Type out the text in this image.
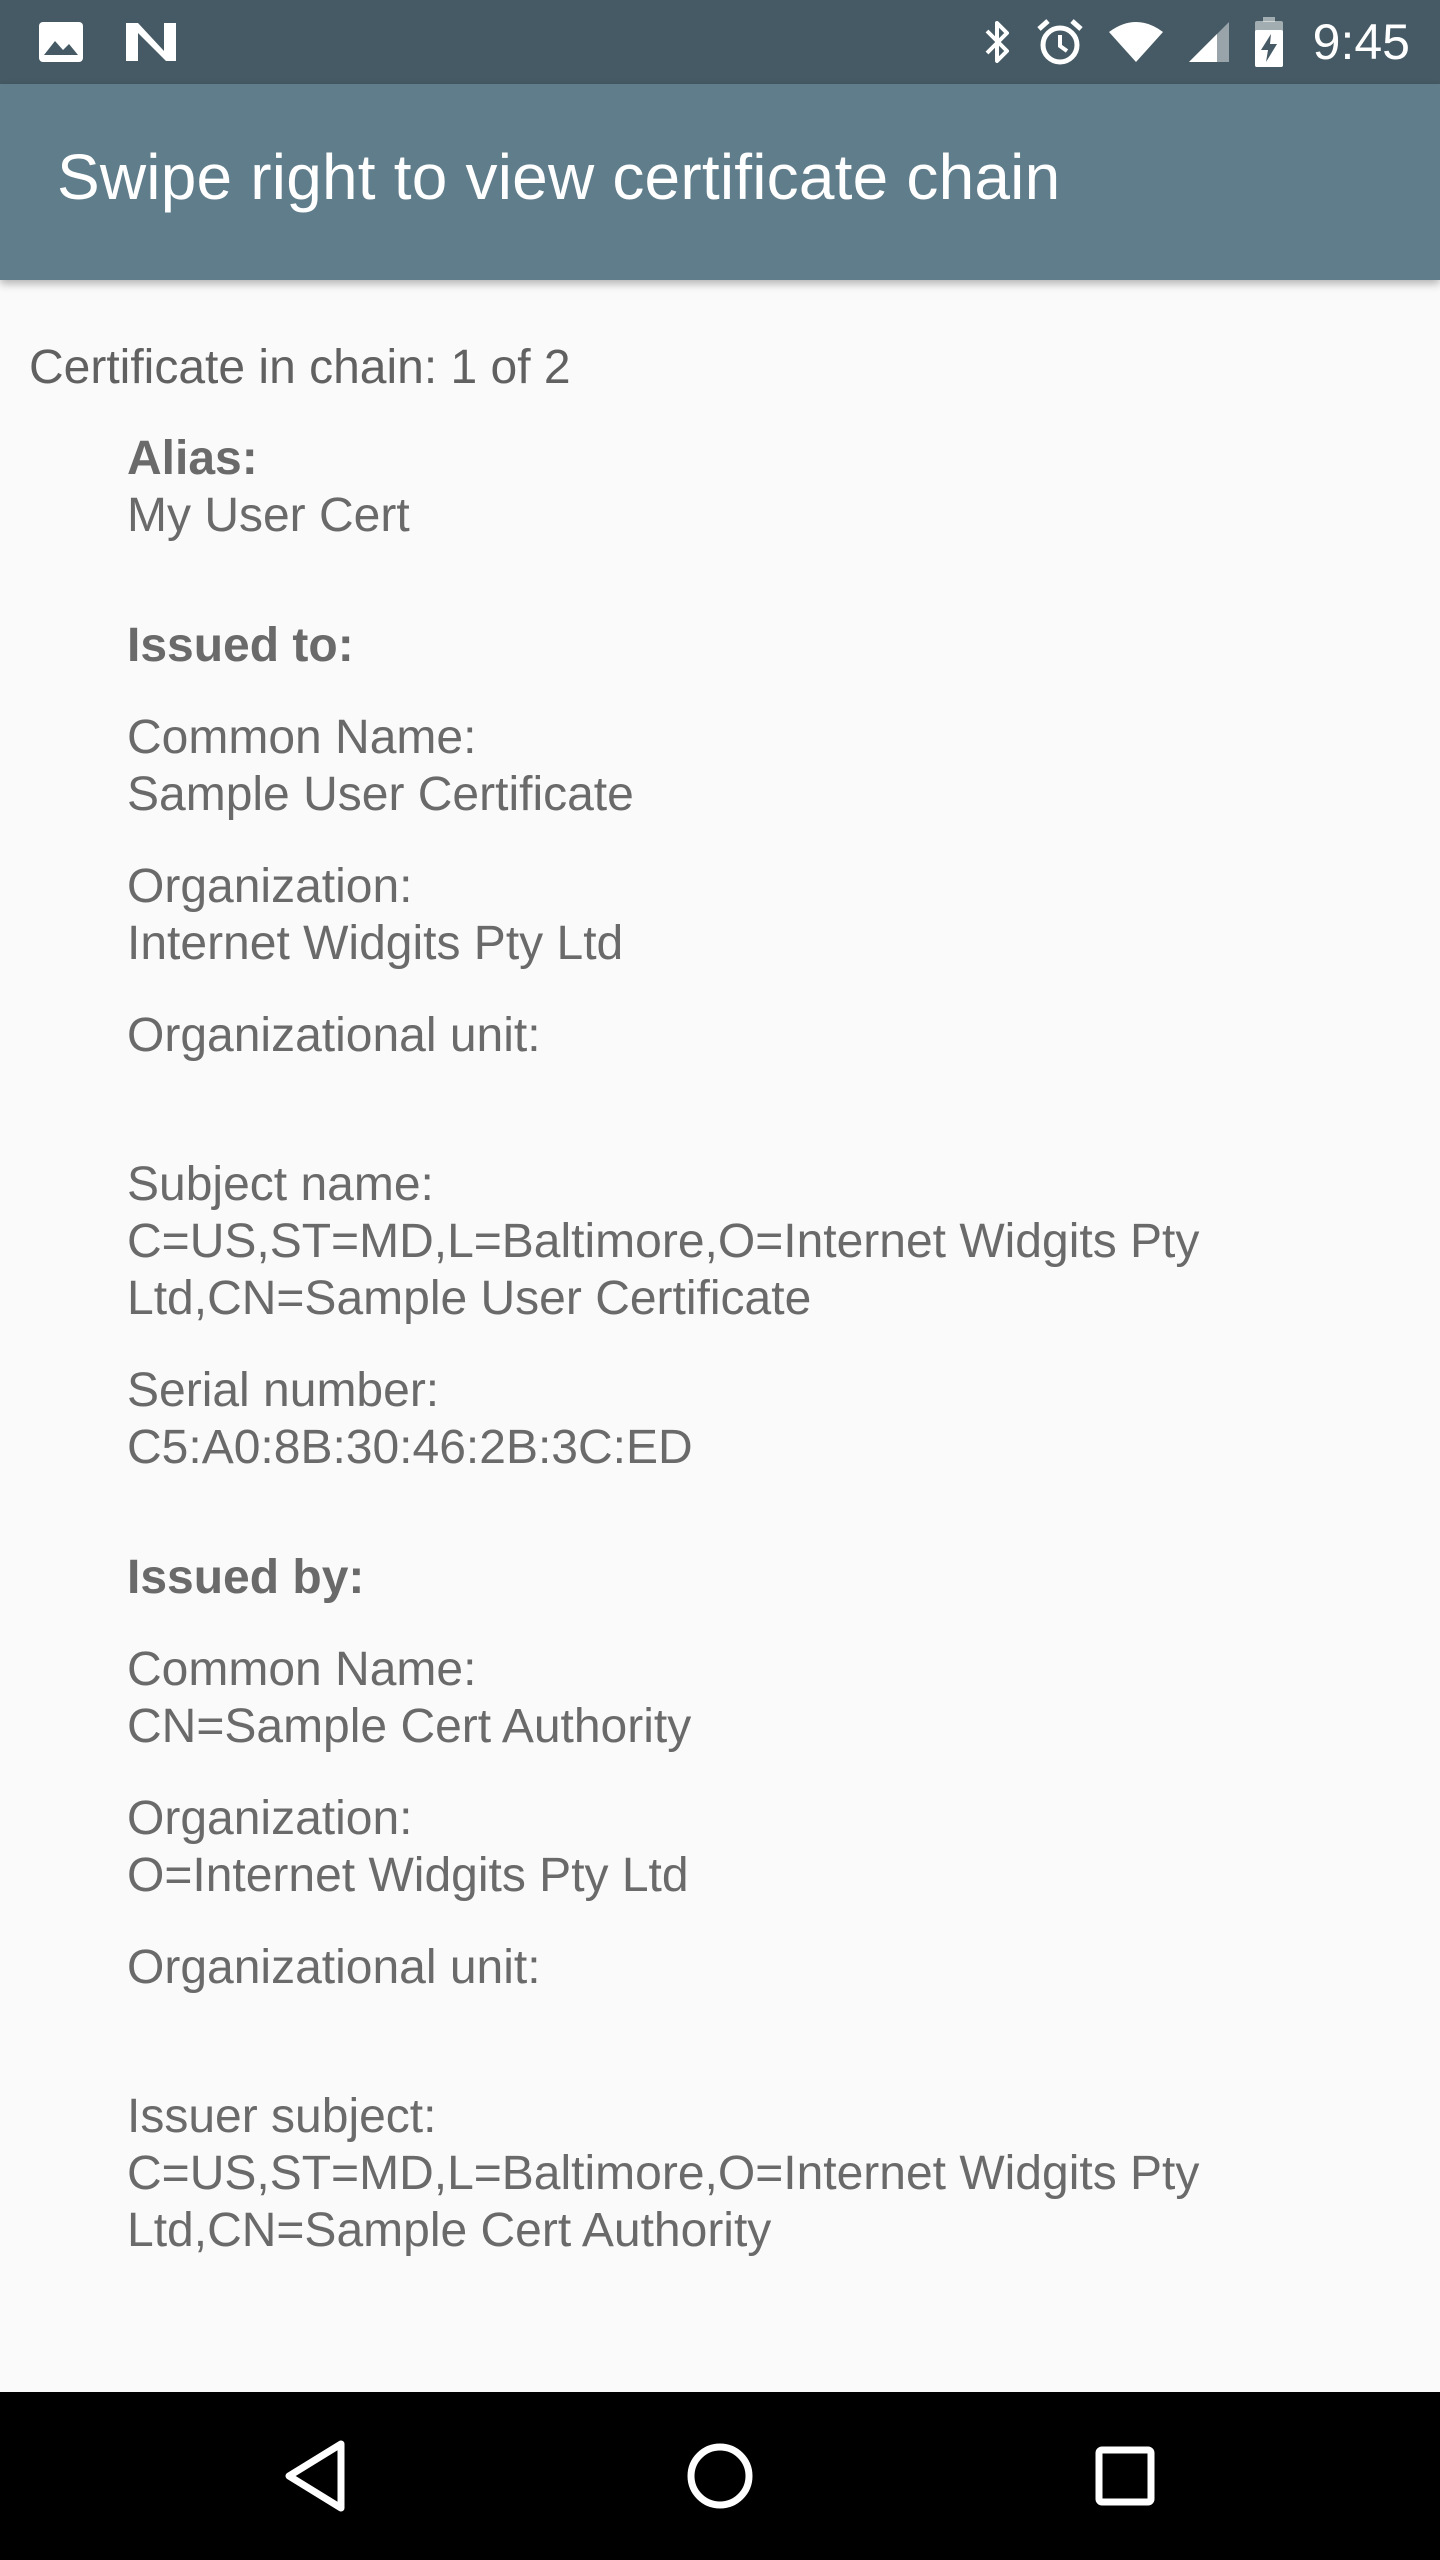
9:45
Swipe right to view certificate chain
Certificate in chain: 1 of 2
Alias:
My User Cert
Issued to:
Common Name:
Sample User Certificate
Organization:
Internet Widgits Pty Ltd
Organizational unit:
Subject name:
C=US,ST=MD,L=Baltimore,O=Internet Widgits Pty Ltd,CN=Sample User Certificate
Serial number:
C5:A0:8B:30:46:2B:3C:ED
Issued by:
Common Name:
CN=Sample Cert Authority
Organization:
O=Internet Widgits Pty Ltd
Organizational unit:
Issuer subject:
C=US,ST=MD,L=Baltimore,O=Internet Widgits Pty Ltd,CN=Sample Cert Authority
